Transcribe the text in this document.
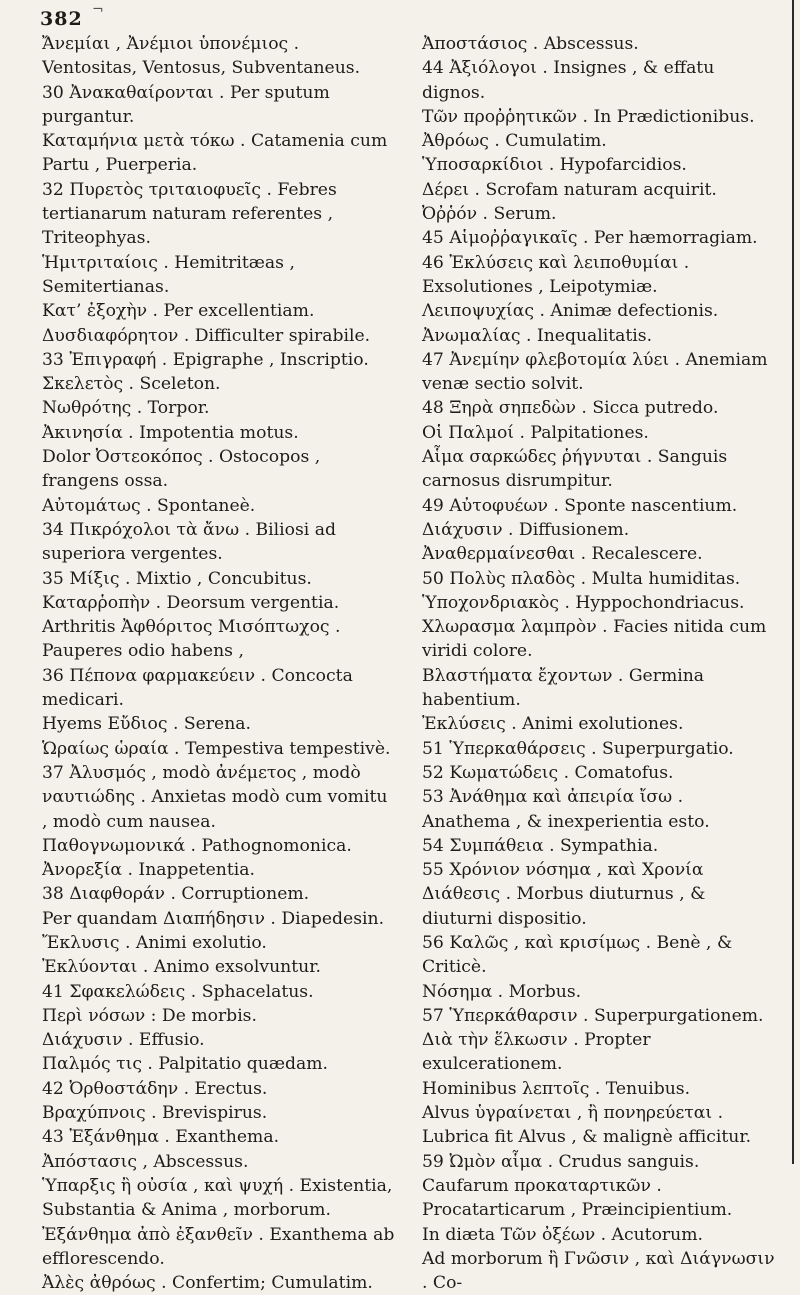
382 ¬

Ἄνεμίαι , Ἀνέμιοι ὑπονέμιος . Ventositas, Ventosus, Subventaneus.

30 Ἀνακαθαίρονται . Per sputum purgantur.

Καταμήνια μετὰ τόκω . Catamenia cum Partu , Puerperia.

32 Πυρετὸς τριταιοφυεῖς . Febres tertianarum naturam referentes , Triteophyas.

Ἡμιτριταίοις . Hemitritæas , Semitertianas.

Κατ’ ἐξοχὴν . Per excellentiam.

Δυσδιαφόρητον . Difficulter spirabile.

33 Ἐπιγραφή . Epigraphe , Inscriptio.

Σκελετὸς . Sceleton.

Νωθρότης . Torpor.

Ἀκινησία . Impotentia motus.

Dolor Ὀστεοκόπος . Ostocopos , frangens ossa.

Αὐτομάτως . Spontaneè.

34 Πικρόχολοι τὰ ἄνω . Biliosi ad superiora vergentes.

35 Μίξις . Mixtio , Concubitus.

Καταρῥοπὴν . Deorsum vergentia.

Arthritis Ἀφθόριτος Μισόπτωχος . Pauperes odio habens ,

36 Πέπονα φαρμακεύειν . Concocta medicari.

Hyems Εὔδιος . Serena.

Ὡραίως ὡραία . Tempestiva tempestivè.

37 Ἀλυσμός , modò ἀνέμετος , modò ναυτιώδης . Anxietas modò cum vomitu , modò cum nausea.

Παθογνωμονικά . Pathognomonica.

Ἀνορεξία . Inappetentia.

38 Διαφθοράν . Corruptionem.

Per quandam Διαπήδησιν . Diapedesin.

Ἔκλυσις . Animi exolutio.

Ἐκλύονται . Animo exsolvuntur.

41 Σφακελώδεις . Sphacelatus.

Περὶ νόσων : De morbis.

Διάχυσιν . Effusio.

Παλμός τις . Palpitatio quædam.

42 Ὀρθοστάδην . Erectus.

Βραχύπνοις . Brevispirus.

43 Ἐξάνθημα . Exanthema.

Ἀπόστασις , Abscessus.

Ὑπαρξις ἢ οὐσία , καὶ ψυχή . Existentia, Substantia & Anima , morborum.

Ἐξάνθημα ἀπὸ ἐξανθεῖν . Exanthema ab efflorescendo.

Ἀλὲς ἀθρόως . Confertim; Cumulatim.

Ἀποστάσιος . Abscessus.

44 Ἀξιόλογοι . Insignes , & effatu dignos.

Τῶν προῤῥητικῶν . In Prædictionibus.

Ἀθρόως . Cumulatim.

Ὑποσαρκίδιοι . Hypofarcidios.

Δέρει . Scrofam naturam acquirit.

Ὀῤῥόν . Serum.

45 Αἱμοῤῥαγικαῖς . Per hæmorragiam.

46 Ἐκλύσεις καὶ λειποθυμίαι . Exsolutiones , Leipotymiæ.

Λειποψυχίας . Animæ defectionis.

Ἀνωμαλίας . Inequalitatis.

47 Ἀνεμίην φλεβοτομία λύει . Anemiam venæ sectio solvit.

48 Ξηρὰ σηπεδὼν . Sicca putredo.

Οἱ Παλμοί . Palpitationes.

Αἷμα σαρκώδες ῥήγνυται . Sanguis carnosus disrumpitur.

49 Αὐτοφυέων . Sponte nascentium.

Διάχυσιν . Diffusionem.

Ἀναθερμαίνεσθαι . Recalescere.

50 Πολὺς πλαδὸς . Multa humiditas.

Ὑποχονδριακὸς . Hyppochondriacus.

Χλωρασμα λαμπρὸν . Facies nitida cum viridi colore.

Βλαστήματα ἔχοντων . Germina habentium.

Ἐκλύσεις . Animi exolutiones.

51 Ὑπερκαθάρσεις . Superpurgatio.

52 Κωματώδεις . Comatofus.

53 Ἀνάθημα καὶ ἀπειρία ἴσω . Anathema , & inexperientia esto.

54 Συμπάθεια . Sympathia.

55 Χρόνιον νόσημα , καὶ Χρονία Διάθεσις . Morbus diuturnus , & diuturni dispositio.

56 Καλῶς , καὶ κρισίμως . Benè , & Criticè.

Νόσημα . Morbus.

57 Ὑπερκάθαρσιν . Superpurgationem.

Διὰ τὴν ἕλκωσιν . Propter exulcerationem.

Hominibus λεπτοῖς . Tenuibus.

Alvus ὑγραίνεται , ἢ πονηρεύεται . Lubrica fit Alvus , & malignè afficitur.

59 Ὠμὸν αἷμα . Crudus sanguis.

Caufarum προκαταρτικῶν . Procatarticarum , Præincipientium.

In diæta Τῶν ὀξέων . Acutorum.

Ad morborum ἢ Γνῶσιν , καὶ Διάγνωσιν . Co-
